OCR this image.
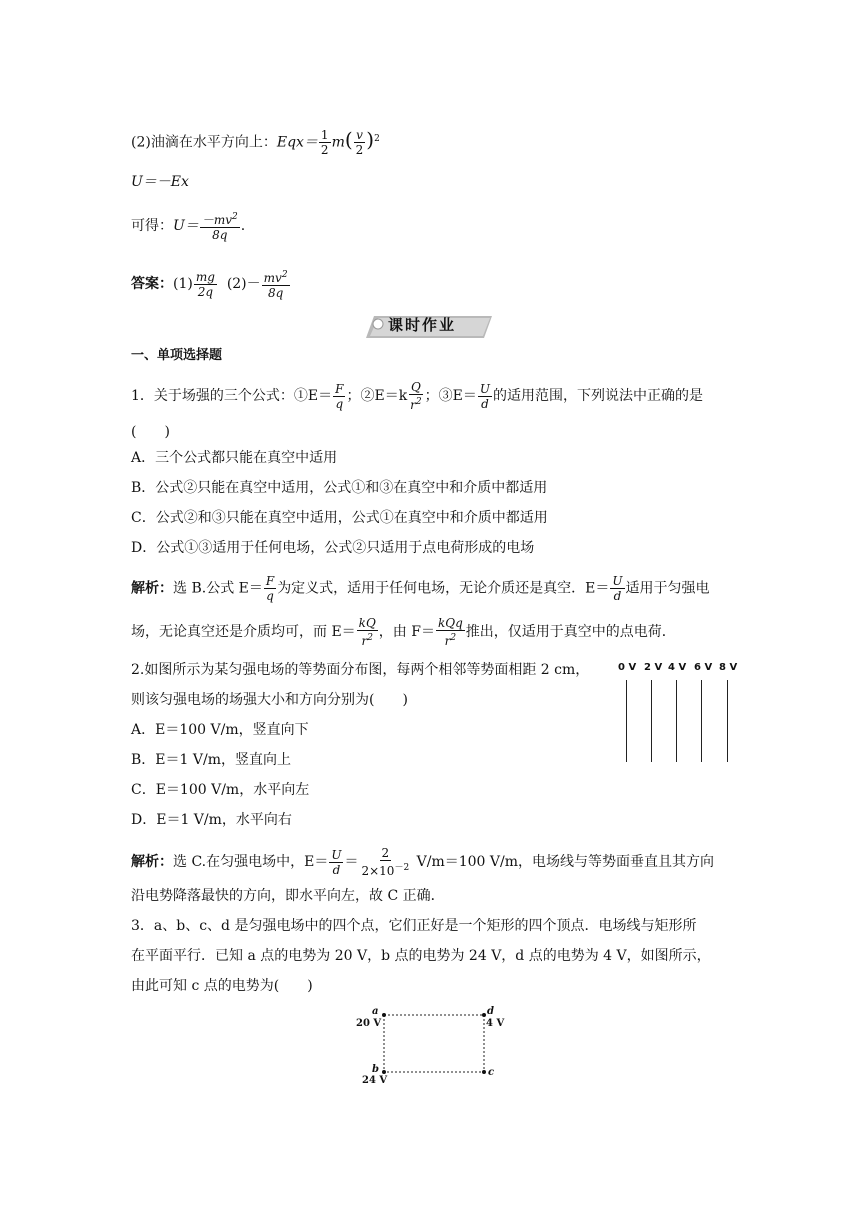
(2)油滴在水平方向上：$Eqx= \frac{1}{2} m( \frac{v}{2} )^2$
U＝－Ex
可得：$U= \frac{-mv^2}{8q}$ .
答案：$(1) \frac{mg}{2q} (2)- \frac{mv^2}{8q}$
课时作业
一、单项选择题
1．关于场强的三个公式：①E＝ $\frac{F}{q}$ ；②E＝k $\frac{Q}{r^2}$ ；③E＝ $\frac{U}{d}$ 的适用范围，下列说法中正确的是
(　　)
A．三个公式都只能在真空中适用
B．公式②只能在真空中适用，公式①和③在真空中和介质中都适用
C．公式②和③只能在真空中适用，公式①在真空中和介质中都适用
D．公式①③适用于任何电场，公式②只适用于点电荷形成的电场
解析：选 B.公式 $E= \frac{F}{q}$ 为定义式，适用于任何电场，无论介质还是真空．$E= \frac{U}{d}$ 适用于匀强电
场，无论真空还是介质均可，而 $E= \frac{kQ}{r^2}$ ，由 $F= \frac{\text{kQq}}{r^2}$ 推出，仅适用于真空中的点电荷．
2.如图所示为某匀强电场的等势面分布图，每两个相邻等势面相距 2 cm，
则该匀强电场的场强大小和方向分别为(　　)
A．E＝100 V/m，竖直向下
B．E＝1 V/m，竖直向上
C．E＝100 V/m，水平向左
D．E＝1 V/m，水平向右
0 V 2 V 4 V 6 V 8 V
解析：选 C.在匀强电场中，$E= \frac{U}{d} = \frac{2}{2\times 10^{-2}} V/m=100$ V/m，电场线与等势面垂直且其方向
沿电势降落最快的方向，即水平向左，故 C 正确．
3．a、b、c、d 是匀强电场中的四个点，它们正好是一个矩形的四个顶点．电场线与矩形所
在平面平行．已知 a 点的电势为 20 V，b 点的电势为 24 V，d 点的电势为 4 V，如图所示，
由此可知 c 点的电势为(　　)
a
20 V
d
4 V
b
24 V
c
